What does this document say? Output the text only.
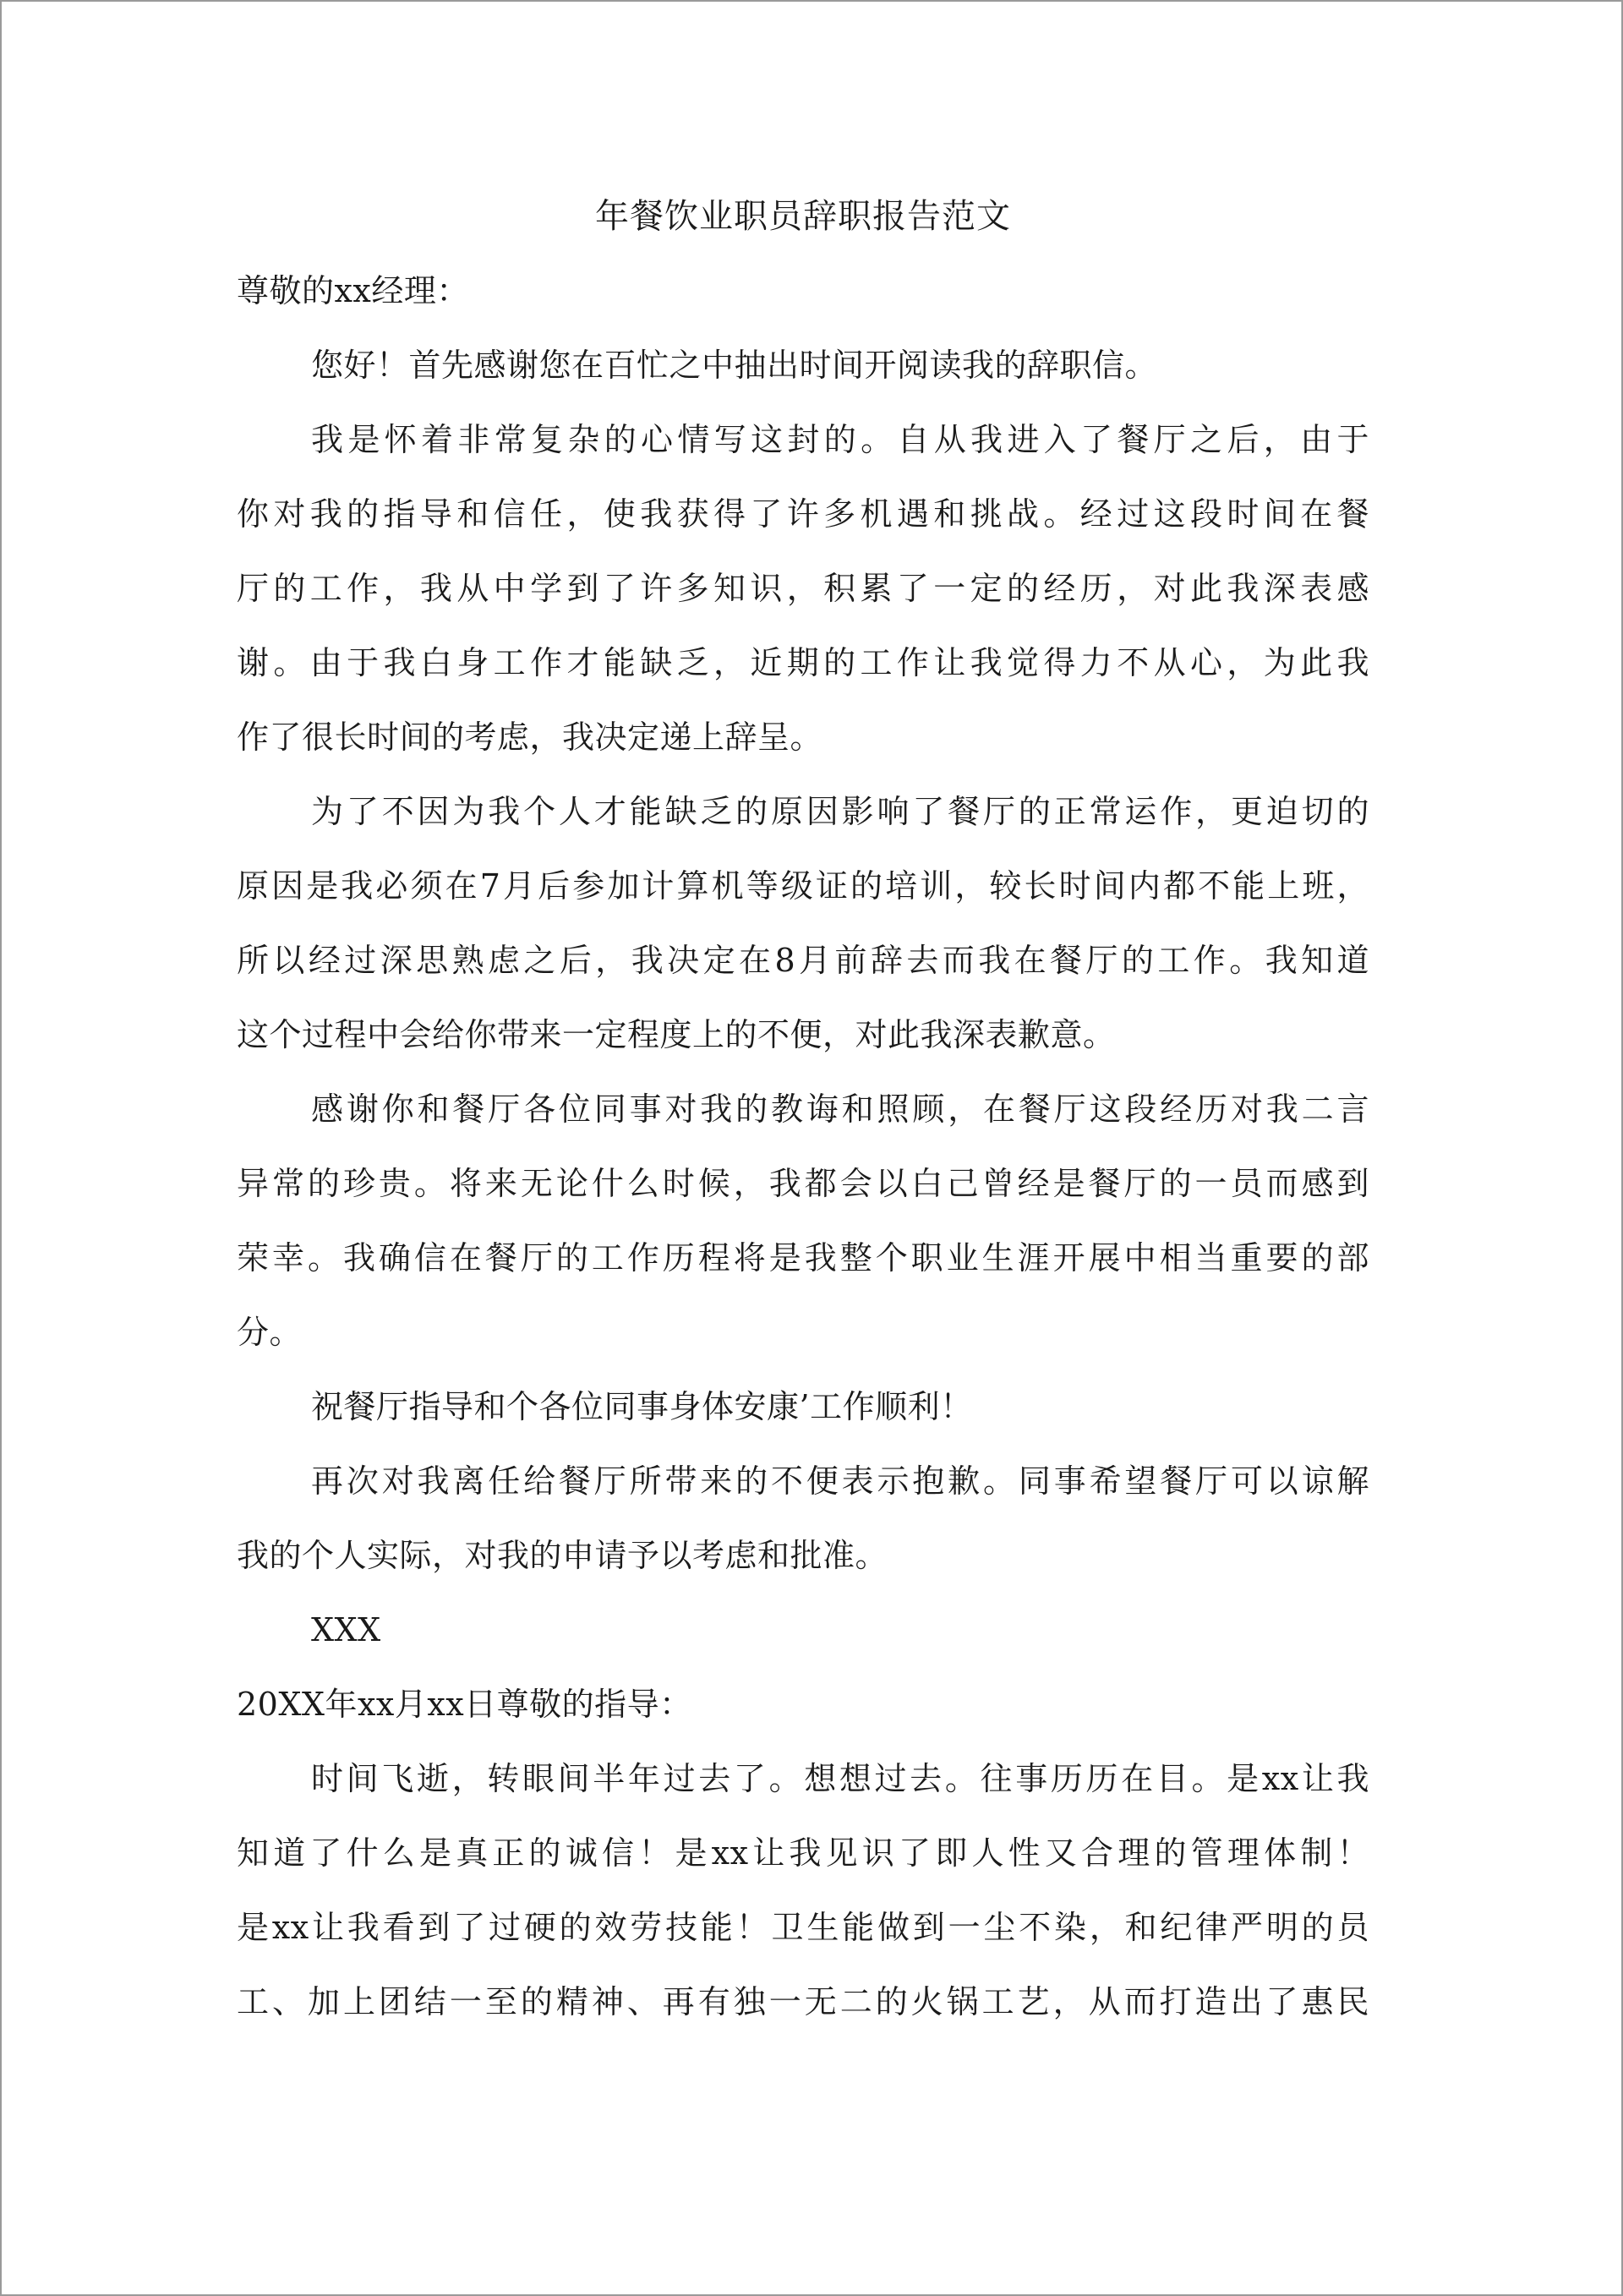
年餐饮业职员辞职报告范文
尊敬的xx经理：
您好！首先感谢您在百忙之中抽出时间开阅读我的辞职信。
我是怀着非常复杂的心情写这封的。自从我进入了餐厅之后，由于
你对我的指导和信任，使我获得了许多机遇和挑战。经过这段时间在餐
厅的工作，我从中学到了许多知识，积累了一定的经历，对此我深表感
谢。由于我白身工作才能缺乏，近期的工作让我觉得力不从心，为此我
作了很长时间的考虑，我决定递上辞呈。
为了不因为我个人才能缺乏的原因影响了餐厅的正常运作，更迫切的
原因是我必须在7月后参加计算机等级证的培训，较长时间内都不能上班，
所以经过深思熟虑之后，我决定在8月前辞去而我在餐厅的工作。我知道
这个过程中会给你带来一定程度上的不便，对此我深表歉意。
感谢你和餐厅各位同事对我的教诲和照顾，在餐厅这段经历对我二言
异常的珍贵。将来无论什么时候，我都会以白己曾经是餐厅的一员而感到
荣幸。我确信在餐厅的工作历程将是我整个职业生涯开展中相当重要的部
分。
祝餐厅指导和个各位同事身体安康’工作顺利！
再次对我离任给餐厅所带来的不便表示抱歉。同事希望餐厅可以谅解
我的个人实际，对我的申请予以考虑和批准。
XXX
20XX年xx月xx日尊敬的指导：
时间飞逝，转眼间半年过去了。想想过去。往事历历在目。是xx让我
知道了什么是真正的诚信！是xx让我见识了即人性又合理的管理体制！
是xx让我看到了过硬的效劳技能！卫生能做到一尘不染，和纪律严明的员
工、加上团结一至的精神、再有独一无二的火锅工艺，从而打造出了惠民
